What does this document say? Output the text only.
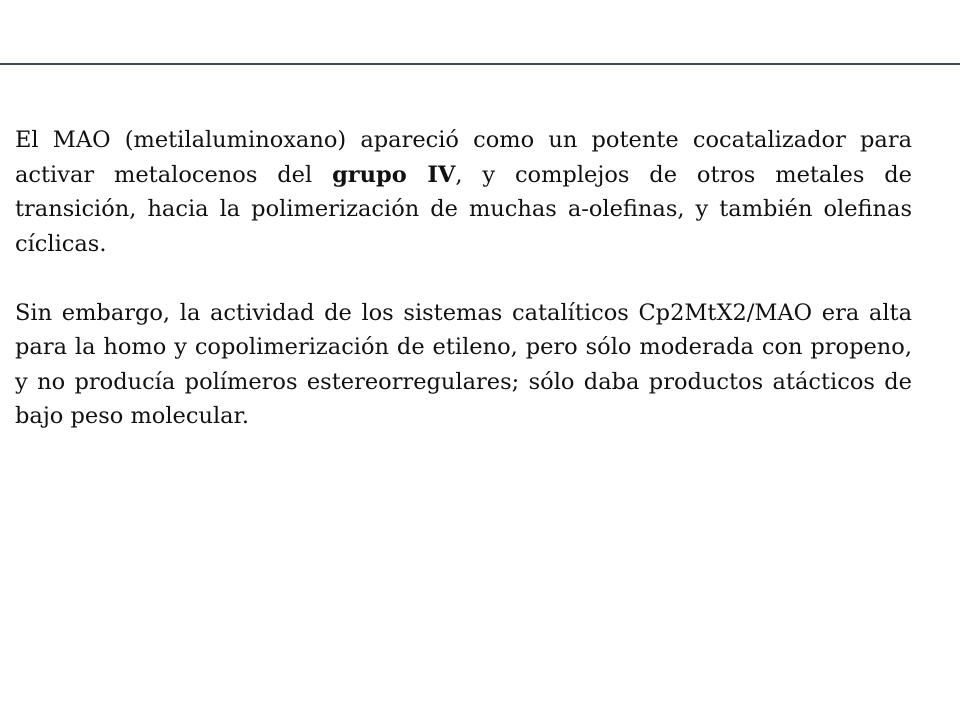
El MAO (metilaluminoxano) apareció como un potente cocatalizador para activar metalocenos del grupo IV, y complejos de otros metales de transición, hacia la polimerización de muchas a-olefinas, y también olefinas cíclicas.

Sin embargo, la actividad de los sistemas catalíticos Cp2MtX2/MAO era alta para la homo y copolimerización de etileno, pero sólo moderada con propeno, y no producía polímeros estereorregulares; sólo daba productos atácticos de bajo peso molecular.
